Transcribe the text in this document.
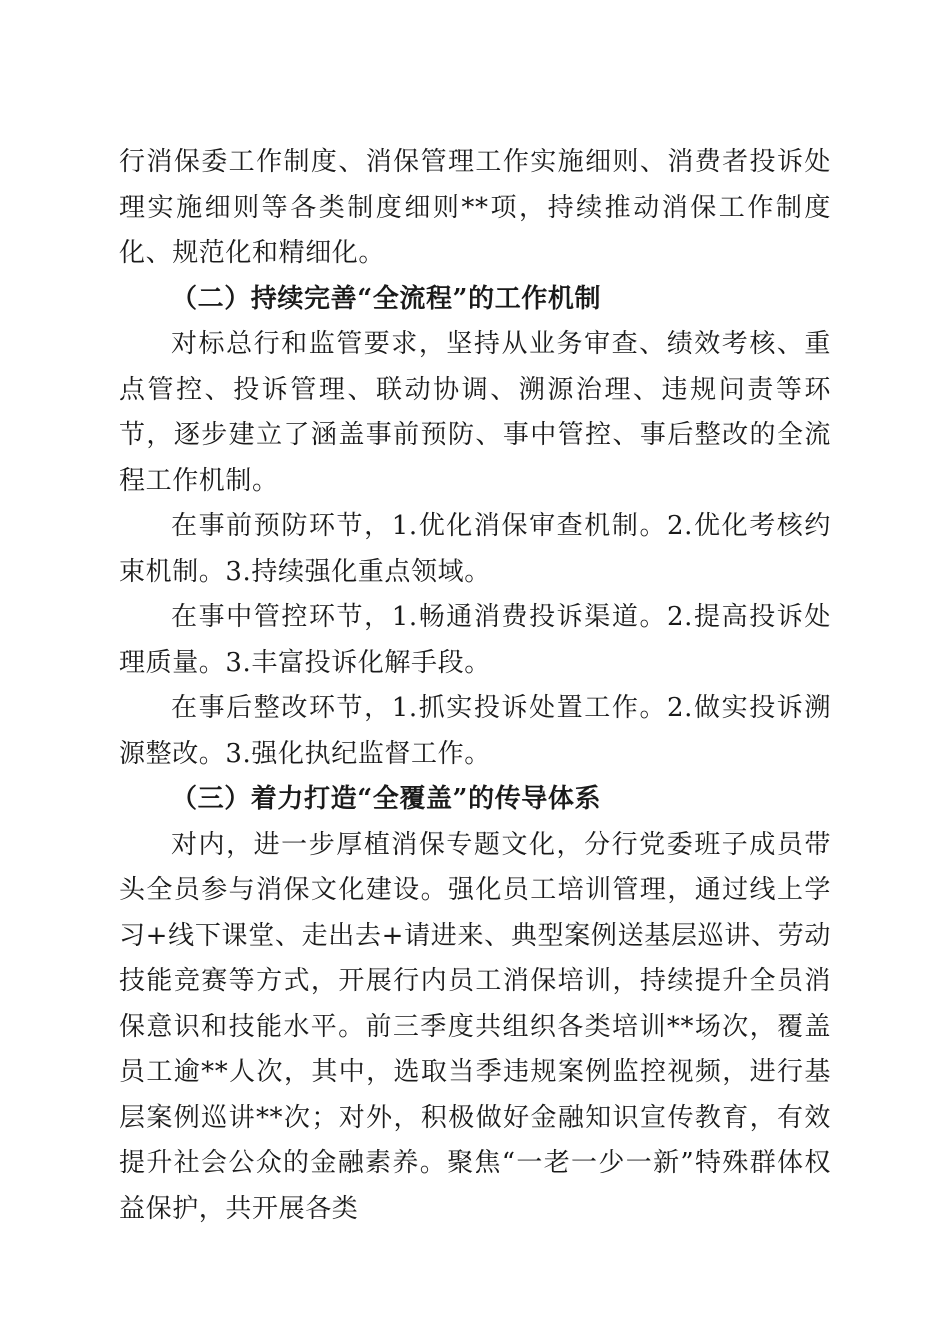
行消保委工作制度、消保管理工作实施细则、消费者投诉处理实施细则等各类制度细则**项，持续推动消保工作制度化、规范化和精细化。

（二）持续完善“全流程”的工作机制

对标总行和监管要求，坚持从业务审查、绩效考核、重点管控、投诉管理、联动协调、溯源治理、违规问责等环节，逐步建立了涵盖事前预防、事中管控、事后整改的全流程工作机制。

在事前预防环节，1.优化消保审查机制。2.优化考核约束机制。3.持续强化重点领域。

在事中管控环节，1.畅通消费投诉渠道。2.提高投诉处理质量。3.丰富投诉化解手段。

在事后整改环节，1.抓实投诉处置工作。2.做实投诉溯源整改。3.强化执纪监督工作。

（三）着力打造“全覆盖”的传导体系

对内，进一步厚植消保专题文化，分行党委班子成员带头全员参与消保文化建设。强化员工培训管理，通过线上学习+线下课堂、走出去+请进来、典型案例送基层巡讲、劳动技能竞赛等方式，开展行内员工消保培训，持续提升全员消保意识和技能水平。前三季度共组织各类培训**场次，覆盖员工逾**人次，其中，选取当季违规案例监控视频，进行基层案例巡讲**次；对外，积极做好金融知识宣传教育，有效提升社会公众的金融素养。聚焦“一老一少一新”特殊群体权益保护，共开展各类
